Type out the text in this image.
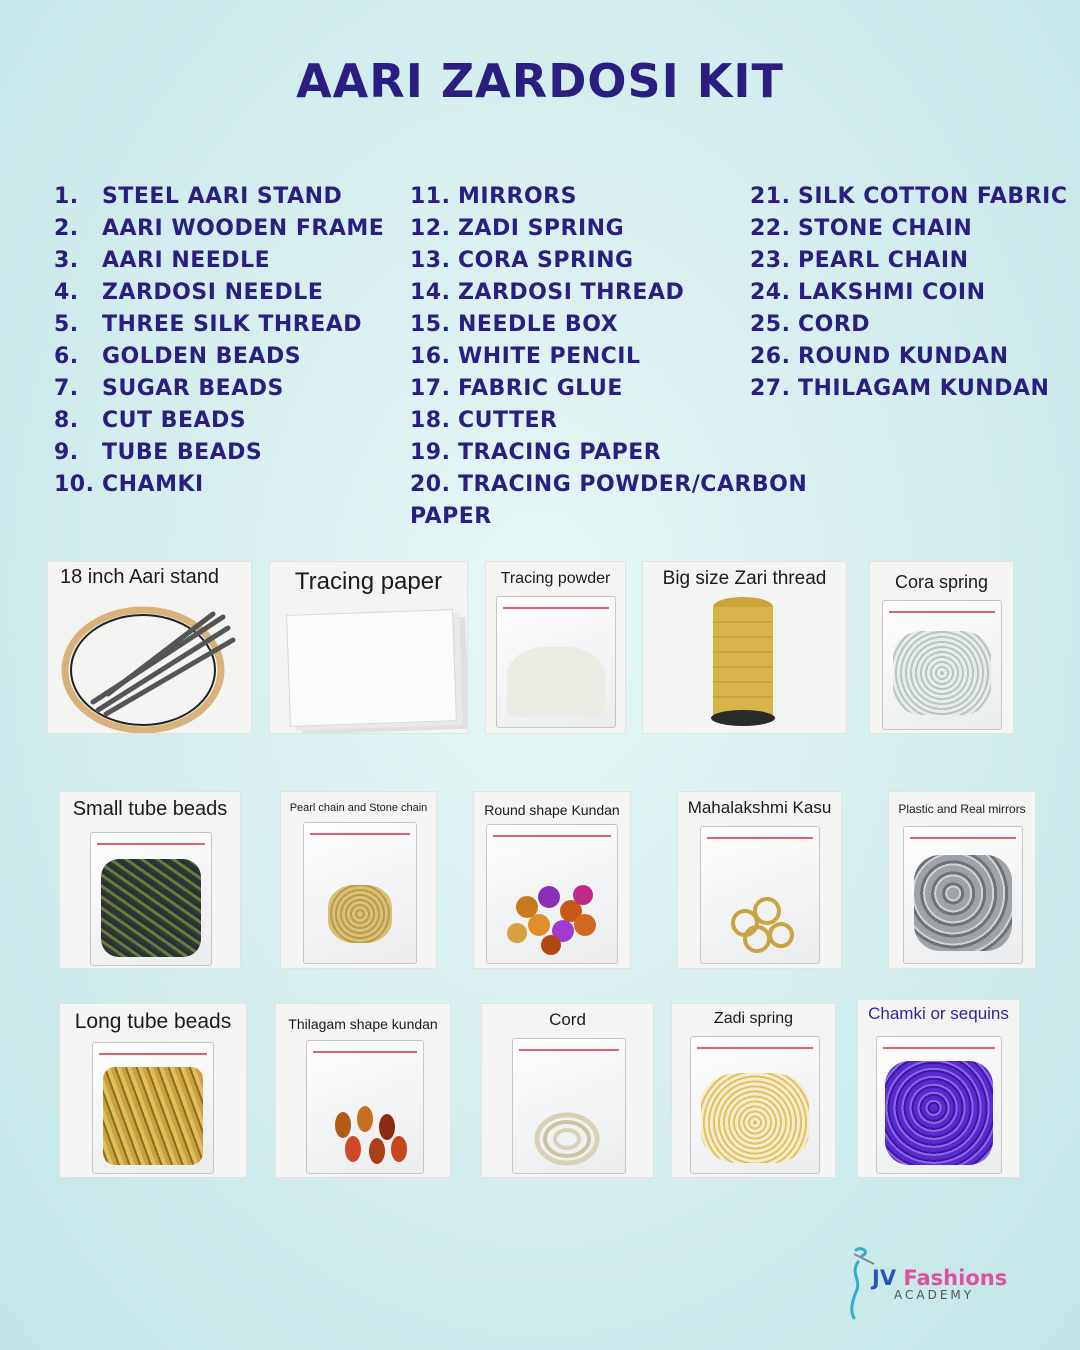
AARI ZARDOSI KIT
1.	STEEL AARI STAND
2.	AARI WOODEN FRAME
3.	AARI NEEDLE
4.	ZARDOSI NEEDLE
5.	THREE SILK THREAD
6.	GOLDEN BEADS
7.	SUGAR BEADS
8.	CUT BEADS
9.	TUBE BEADS
10. CHAMKI
11. MIRRORS
12. ZADI SPRING
13. CORA SPRING
14. ZARDOSI THREAD
15. NEEDLE BOX
16. WHITE PENCIL
17. FABRIC GLUE
18. CUTTER
19. TRACING PAPER
20. TRACING POWDER/CARBON
PAPER
21. SILK COTTON FABRIC
22. STONE CHAIN
23. PEARL CHAIN
24. LAKSHMI COIN
25. CORD
26. ROUND KUNDAN
27. THILAGAM KUNDAN
18 inch Aari stand	Tracing paper	Tracing powder	Big size Zari thread	Cora spring
Small tube beads	Pearl chain and Stone chain	Round shape Kundan	Mahalakshmi Kasu	Plastic and Real mirrors
Long tube beads	Thilagam shape kundan	Cord	Zadi spring	Chamki or sequins
JV Fashions
ACADEMY
